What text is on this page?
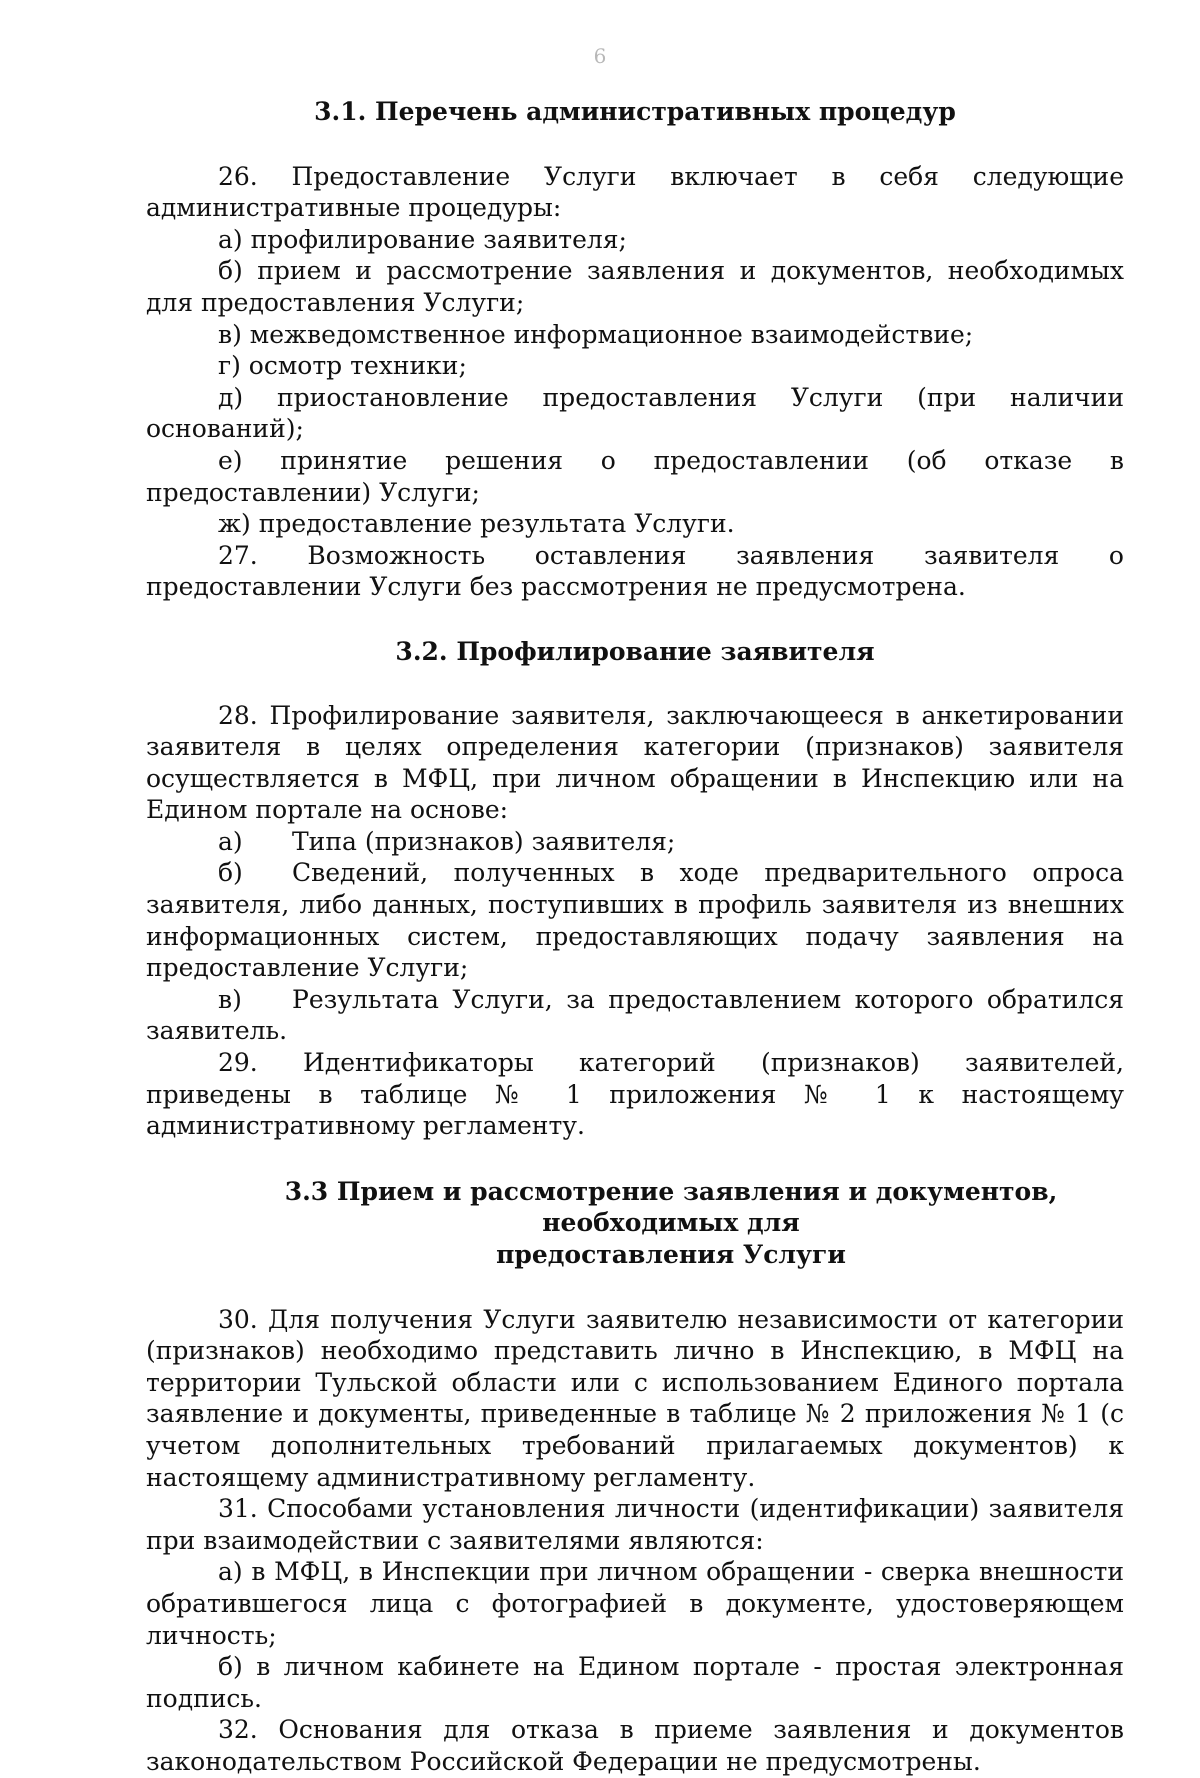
6
3.1. Перечень административных процедур

26. Предоставление Услуги включает в себя следующие административные процедуры:

а) профилирование заявителя;

б) прием и рассмотрение заявления и документов, необходимых для предоставления Услуги;

в) межведомственное информационное взаимодействие;

г) осмотр техники;

д) приостановление предоставления Услуги (при наличии оснований);

е) принятие решения о предоставлении (об отказе в предоставлении) Услуги;

ж) предоставление результата Услуги.

27. Возможность оставления заявления заявителя о предоставлении Услуги без рассмотрения не предусмотрена.

3.2. Профилирование заявителя

28. Профилирование заявителя, заключающееся в анкетировании заявителя в целях определения категории (признаков) заявителя осуществляется в МФЦ, при личном обращении в Инспекцию или на Едином портале на основе:

а) Типа (признаков) заявителя;

б) Сведений, полученных в ходе предварительного опроса заявителя, либо данных, поступивших в профиль заявителя из внешних информационных систем, предоставляющих подачу заявления на предоставление Услуги;

в) Результата Услуги, за предоставлением которого обратился заявитель.

29. Идентификаторы категорий (признаков) заявителей, приведены в таблице № 1 приложения № 1 к настоящему административному регламенту.

3.3 Прием и рассмотрение заявления и документов, необходимых для
предоставления Услуги

30. Для получения Услуги заявителю независимости от категории (признаков) необходимо представить лично в Инспекцию, в МФЦ на территории Тульской области или с использованием Единого портала заявление и документы, приведенные в таблице № 2 приложения № 1 (с учетом дополнительных требований прилагаемых документов) к настоящему административному регламенту.

31. Способами установления личности (идентификации) заявителя при взаимодействии с заявителями являются:

а) в МФЦ, в Инспекции при личном обращении - сверка внешности обратившегося лица с фотографией в документе, удостоверяющем личность;

б) в личном кабинете на Едином портале - простая электронная подпись.

32. Основания для отказа в приеме заявления и документов законодательством Российской Федерации не предусмотрены.
